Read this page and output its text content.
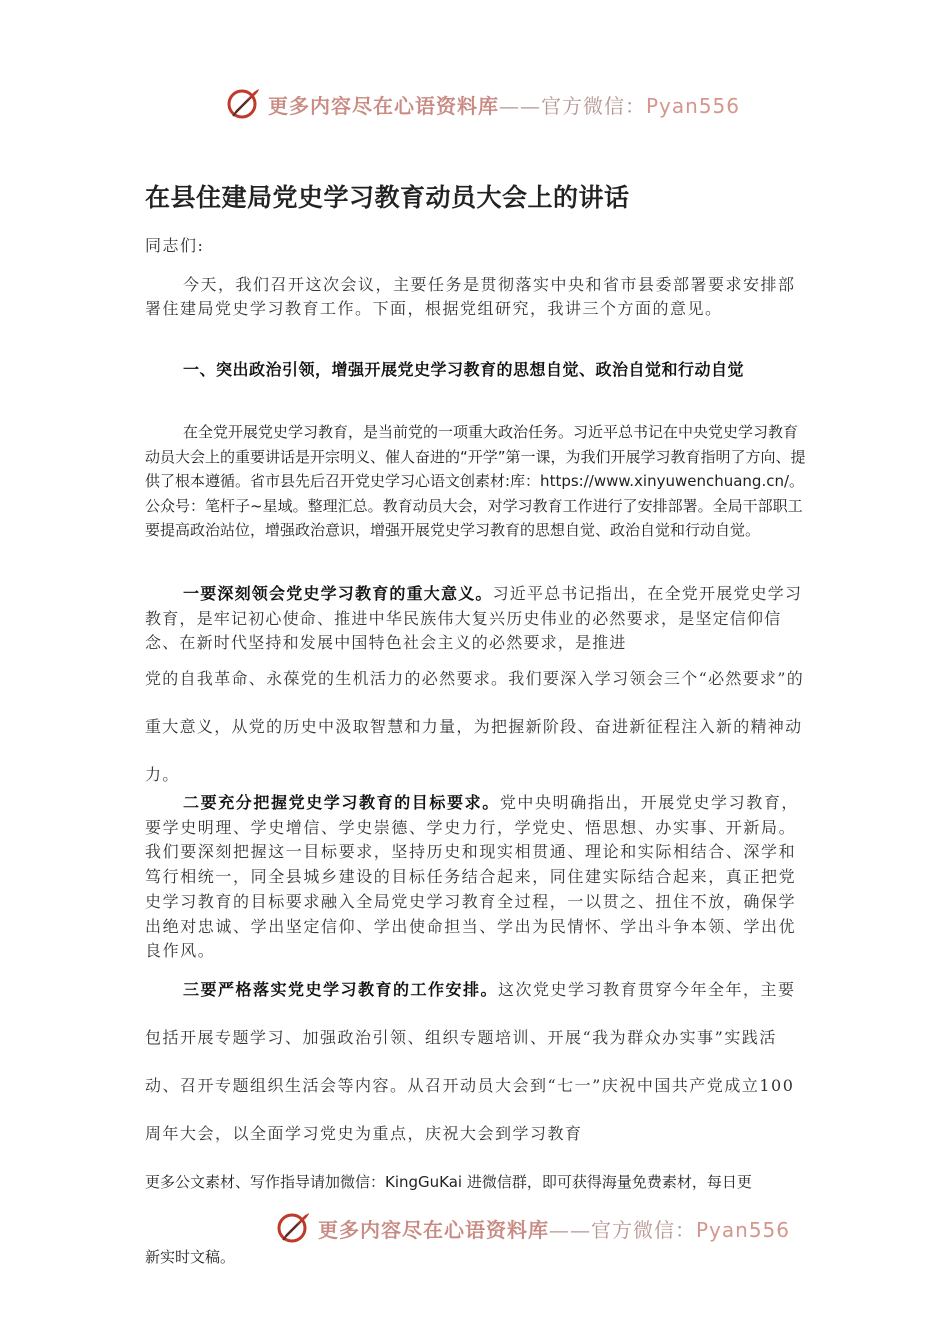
更多内容尽在心语资料库——官方微信：Pyan556
在县住建局党史学习教育动员大会上的讲话

同志们:

今天，我们召开这次会议，主要任务是贯彻落实中央和省市县委部署要求安排部署住建局党史学习教育工作。下面，根据党组研究，我讲三个方面的意见。

一、突出政治引领，增强开展党史学习教育的思想自觉、政治自觉和行动自觉

在全党开展党史学习教育，是当前党的一项重大政治任务。习近平总书记在中央党史学习教育动员大会上的重要讲话是开宗明义、催人奋进的“开学”第一课，为我们开展学习教育指明了方向、提供了根本遵循。省市县先后召开党史学习心语文创素材:库：https://www.xinyuwenchuang.cn/。公众号：笔杆子~星域。整理汇总。教育动员大会，对学习教育工作进行了安排部署。全局干部职工要提高政治站位，增强政治意识，增强开展党史学习教育的思想自觉、政治自觉和行动自觉。

一要深刻领会党史学习教育的重大意义。习近平总书记指出，在全党开展党史学习教育，是牢记初心使命、推进中华民族伟大复兴历史伟业的必然要求，是坚定信仰信念、在新时代坚持和发展中国特色社会主义的必然要求，是推进

党的自我革命、永葆党的生机活力的必然要求。我们要深入学习领会三个“必然要求”的重大意义，从党的历史中汲取智慧和力量，为把握新阶段、奋进新征程注入新的精神动力。

二要充分把握党史学习教育的目标要求。党中央明确指出，开展党史学习教育，要学史明理、学史增信、学史崇德、学史力行，学党史、悟思想、办实事、开新局。我们要深刻把握这一目标要求，坚持历史和现实相贯通、理论和实际相结合、深学和笃行相统一，同全县城乡建设的目标任务结合起来，同住建实际结合起来，真正把党史学习教育的目标要求融入全局党史学习教育全过程，一以贯之、扭住不放，确保学出绝对忠诚、学出坚定信仰、学出使命担当、学出为民情怀、学出斗争本领、学出优良作风。

三要严格落实党史学习教育的工作安排。这次党史学习教育贯穿今年全年，主要包括开展专题学习、加强政治引领、组织专题培训、开展“我为群众办实事”实践活动、召开专题组织生活会等内容。从召开动员大会到“七一”庆祝中国共产党成立100周年大会，以全面学习党史为重点，庆祝大会到学习教育

更多公文素材、写作指导请加微信：KingGuKai 进微信群，即可获得海量免费素材，每日更

更多内容尽在心语资料库——官方微信：Pyan556

新实时文稿。
